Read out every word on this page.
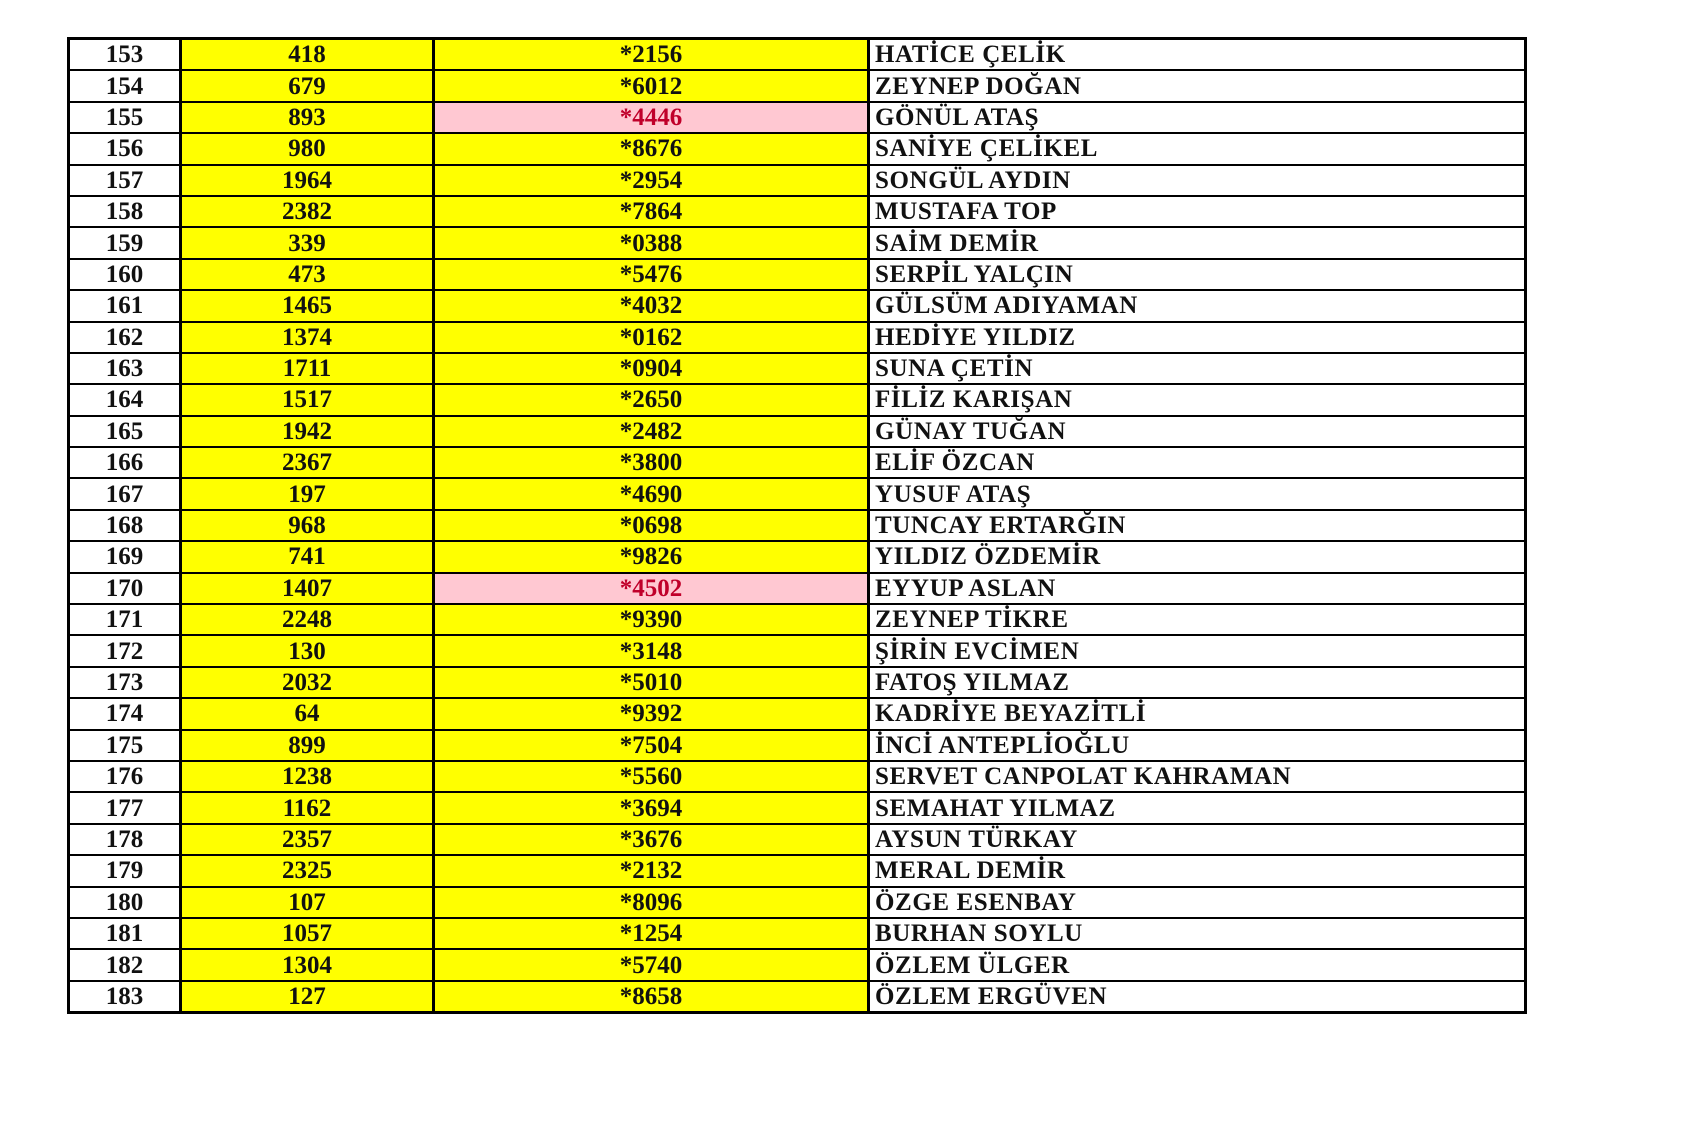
153	418	*2156	HATİCE ÇELİK
154	679	*6012	ZEYNEP DOĞAN
155	893	*4446	GÖNÜL ATAŞ
156	980	*8676	SANİYE ÇELİKEL
157	1964	*2954	SONGÜL AYDIN
158	2382	*7864	MUSTAFA TOP
159	339	*0388	SAİM DEMİR
160	473	*5476	SERPİL YALÇIN
161	1465	*4032	GÜLSÜM ADIYAMAN
162	1374	*0162	HEDİYE YILDIZ
163	1711	*0904	SUNA ÇETİN
164	1517	*2650	FİLİZ KARIŞAN
165	1942	*2482	GÜNAY TUĞAN
166	2367	*3800	ELİF ÖZCAN
167	197	*4690	YUSUF ATAŞ
168	968	*0698	TUNCAY ERTARĞIN
169	741	*9826	YILDIZ ÖZDEMİR
170	1407	*4502	EYYUP ASLAN
171	2248	*9390	ZEYNEP TİKRE
172	130	*3148	ŞİRİN EVCİMEN
173	2032	*5010	FATOŞ YILMAZ
174	64	*9392	KADRİYE BEYAZİTLİ
175	899	*7504	İNCİ ANTEPLİOĞLU
176	1238	*5560	SERVET CANPOLAT KAHRAMAN
177	1162	*3694	SEMAHAT YILMAZ
178	2357	*3676	AYSUN TÜRKAY
179	2325	*2132	MERAL DEMİR
180	107	*8096	ÖZGE ESENBAY
181	1057	*1254	BURHAN SOYLU
182	1304	*5740	ÖZLEM ÜLGER
183	127	*8658	ÖZLEM ERGÜVEN
